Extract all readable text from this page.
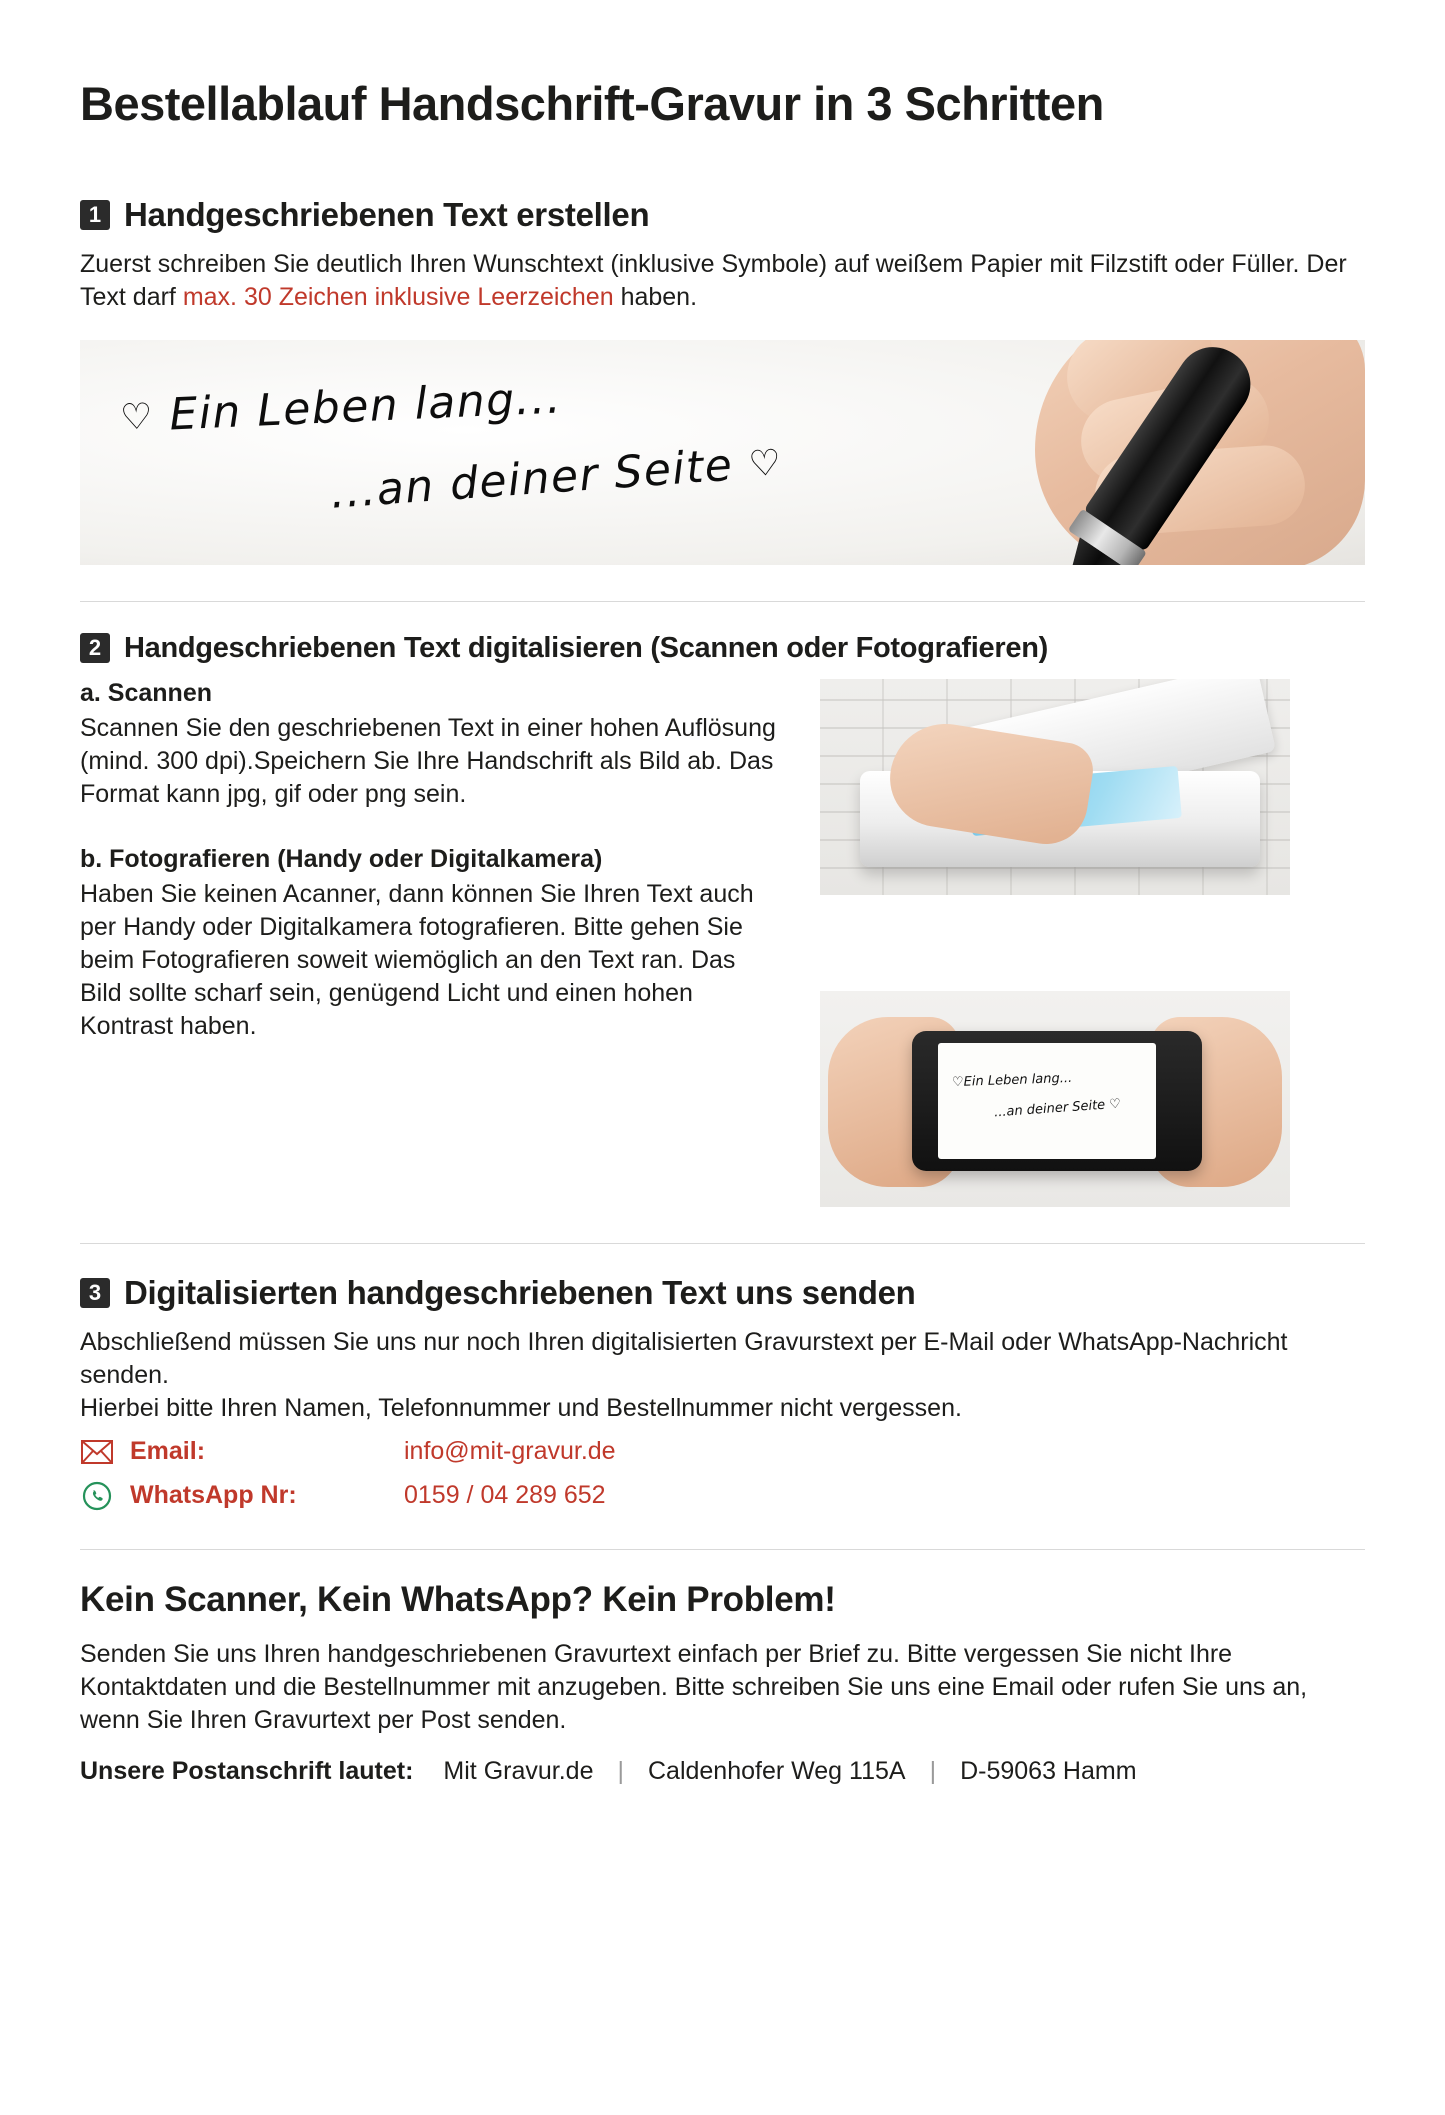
Bestellablauf Handschrift-Gravur in 3 Schritten
1 Handgeschriebenen Text erstellen

Zuerst schreiben Sie deutlich Ihren Wunschtext (inklusive Symbole) auf weißem Papier mit Filzstift oder Füller. Der Text darf max. 30 Zeichen inklusive Leerzeichen haben.

♡ Ein Leben lang...
...an deiner Seite ♡
2 Handgeschriebenen Text digitalisieren (Scannen oder Fotografieren)
a. Scannen

Scannen Sie den geschriebenen Text in einer hohen Auflösung (mind. 300 dpi).Speichern Sie Ihre Handschrift als Bild ab. Das Format kann jpg, gif oder png sein.

b. Fotografieren (Handy oder Digitalkamera)

Haben Sie keinen Acanner, dann können Sie Ihren Text auch per Handy oder Digitalkamera fotografieren. Bitte gehen Sie beim Fotografieren soweit wiemöglich an den Text ran. Das Bild sollte scharf sein, genügend Licht und einen hohen Kontrast haben.

♡Ein Leben lang...
...an deiner Seite ♡
3 Digitalisierten handgeschriebenen Text uns senden

Abschließend müssen Sie uns nur noch Ihren digitalisierten Gravurstext per E-Mail oder WhatsApp-Nachricht senden.

Hierbei bitte Ihren Namen, Telefonnummer und Bestellnummer nicht vergessen.

Email:	info@mit-gravur.de
WhatsApp Nr:	0159 / 04 289 652
Kein Scanner, Kein WhatsApp? Kein Problem!

Senden Sie uns Ihren handgeschriebenen Gravurtext einfach per Brief zu. Bitte vergessen Sie nicht Ihre Kontaktdaten und die Bestellnummer mit anzugeben. Bitte schreiben Sie uns eine Email oder rufen Sie uns an, wenn Sie Ihren Gravurtext per Post senden.

Unsere Postanschrift lautet: Mit Gravur.de | Caldenhofer Weg 115A | D-59063 Hamm
